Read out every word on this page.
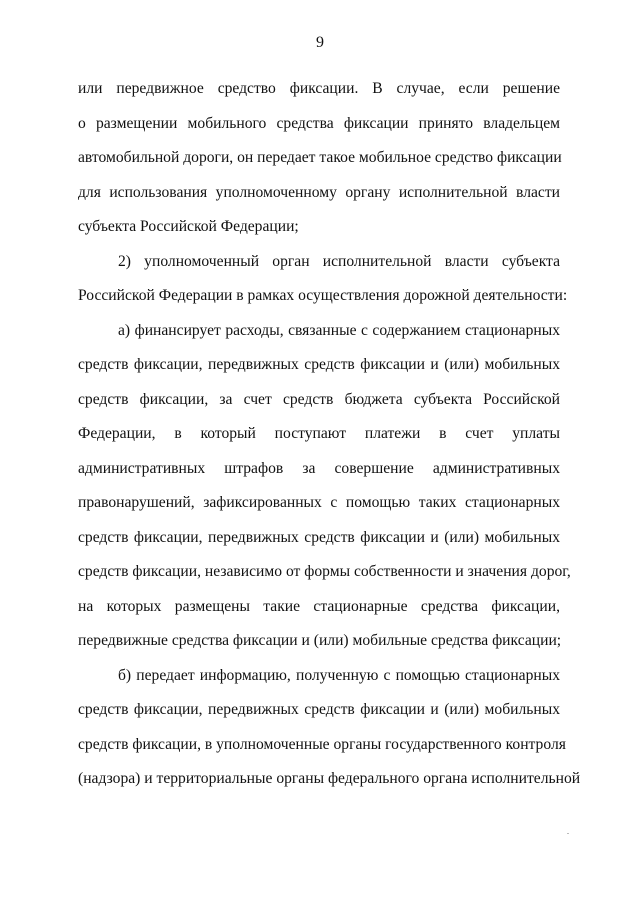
9
или передвижное средство фиксации. В случае, если решение
о размещении мобильного средства фиксации принято владельцем
автомобильной дороги, он передает такое мобильное средство фиксации
для использования уполномоченному органу исполнительной власти
субъекта Российской Федерации;
2) уполномоченный орган исполнительной власти субъекта
Российской Федерации в рамках осуществления дорожной деятельности:
а) финансирует расходы, связанные с содержанием стационарных
средств фиксации, передвижных средств фиксации и (или) мобильных
средств фиксации, за счет средств бюджета субъекта Российской
Федерации, в который поступают платежи в счет уплаты
административных штрафов за совершение административных
правонарушений, зафиксированных с помощью таких стационарных
средств фиксации, передвижных средств фиксации и (или) мобильных
средств фиксации, независимо от формы собственности и значения дорог,
на которых размещены такие стационарные средства фиксации,
передвижные средства фиксации и (или) мобильные средства фиксации;
б) передает информацию, полученную с помощью стационарных
средств фиксации, передвижных средств фиксации и (или) мобильных
средств фиксации, в уполномоченные органы государственного контроля
(надзора) и территориальные органы федерального органа исполнительной
